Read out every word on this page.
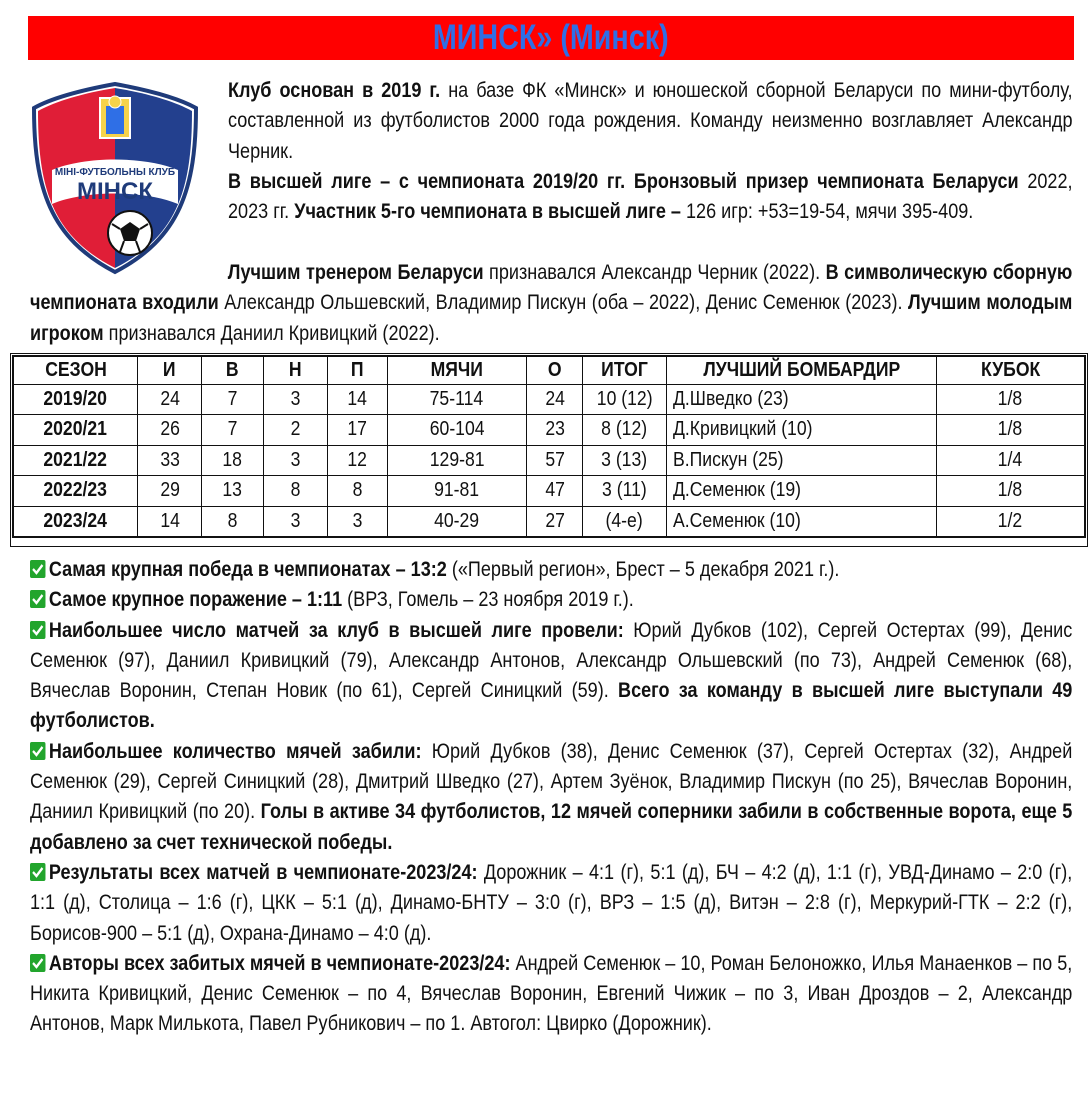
МИНСК» (Минск)
МІНІ-ФУТБОЛЬНЫ КЛУБ
МІНСК

Клуб основан в 2019 г. на базе ФК «Минск» и юношеской сборной Беларуси по мини-футболу, составленной из футболистов 2000 года рождения. Команду неизменно возглавляет Александр Черник.

В высшей лиге – с чемпионата 2019/20 гг. Бронзовый призер чемпионата Беларуси 2022, 2023 гг. Участник 5-го чемпионата в высшей лиге – 126 игр: +53=19-54, мячи 395-409.

Лучшим тренером Беларуси признавался Александр Черник (2022). В символическую сборную чемпионата входили Александр Ольшевский, Владимир Пискун (оба – 2022), Денис Семенюк (2023). Лучшим молодым игроком признавался Даниил Кривицкий (2022).

СЕЗОН	И	В	Н	П	МЯЧИ	О	ИТОГ	ЛУЧШИЙ БОМБАРДИР	КУБОК
2019/20	24	7	3	14	75-114	24	10 (12)	Д.Шведко (23)	1/8
2020/21	26	7	2	17	60-104	23	8 (12)	Д.Кривицкий (10)	1/8
2021/22	33	18	3	12	129-81	57	3 (13)	В.Пискун (25)	1/4
2022/23	29	13	8	8	91-81	47	3 (11)	Д.Семенюк (19)	1/8
2023/24	14	8	3	3	40-29	27	(4-е)	А.Семенюк (10)	1/2

Самая крупная победа в чемпионатах – 13:2 («Первый регион», Брест – 5 декабря 2021 г.).

Самое крупное поражение – 1:11 (ВРЗ, Гомель – 23 ноября 2019 г.).

Наибольшее число матчей за клуб в высшей лиге провели: Юрий Дубков (102), Сергей Остертах (99), Денис Семенюк (97), Даниил Кривицкий (79), Александр Антонов, Александр Ольшевский (по 73), Андрей Семенюк (68), Вячеслав Воронин, Степан Новик (по 61), Сергей Синицкий (59). Всего за команду в высшей лиге выступали 49 футболистов.

Наибольшее количество мячей забили: Юрий Дубков (38), Денис Семенюк (37), Сергей Остертах (32), Андрей Семенюк (29), Сергей Синицкий (28), Дмитрий Шведко (27), Артем Зуёнок, Владимир Пискун (по 25), Вячеслав Воронин, Даниил Кривицкий (по 20). Голы в активе 34 футболистов, 12 мячей соперники забили в собственные ворота, еще 5 добавлено за счет технической победы.

Результаты всех матчей в чемпионате-2023/24: Дорожник – 4:1 (г), 5:1 (д), БЧ – 4:2 (д), 1:1 (г), УВД-Динамо – 2:0 (г), 1:1 (д), Столица – 1:6 (г), ЦКК – 5:1 (д), Динамо-БНТУ – 3:0 (г), ВРЗ – 1:5 (д), Витэн – 2:8 (г), Меркурий-ГТК – 2:2 (г), Борисов-900 – 5:1 (д), Охрана-Динамо – 4:0 (д).

Авторы всех забитых мячей в чемпионате-2023/24: Андрей Семенюк – 10, Роман Белоножко, Илья Манаенков – по 5, Никита Кривицкий, Денис Семенюк – по 4, Вячеслав Воронин, Евгений Чижик – по 3, Иван Дроздов – 2, Александр Антонов, Марк Милькота, Павел Рубникович – по 1. Автогол: Цвирко (Дорожник).
